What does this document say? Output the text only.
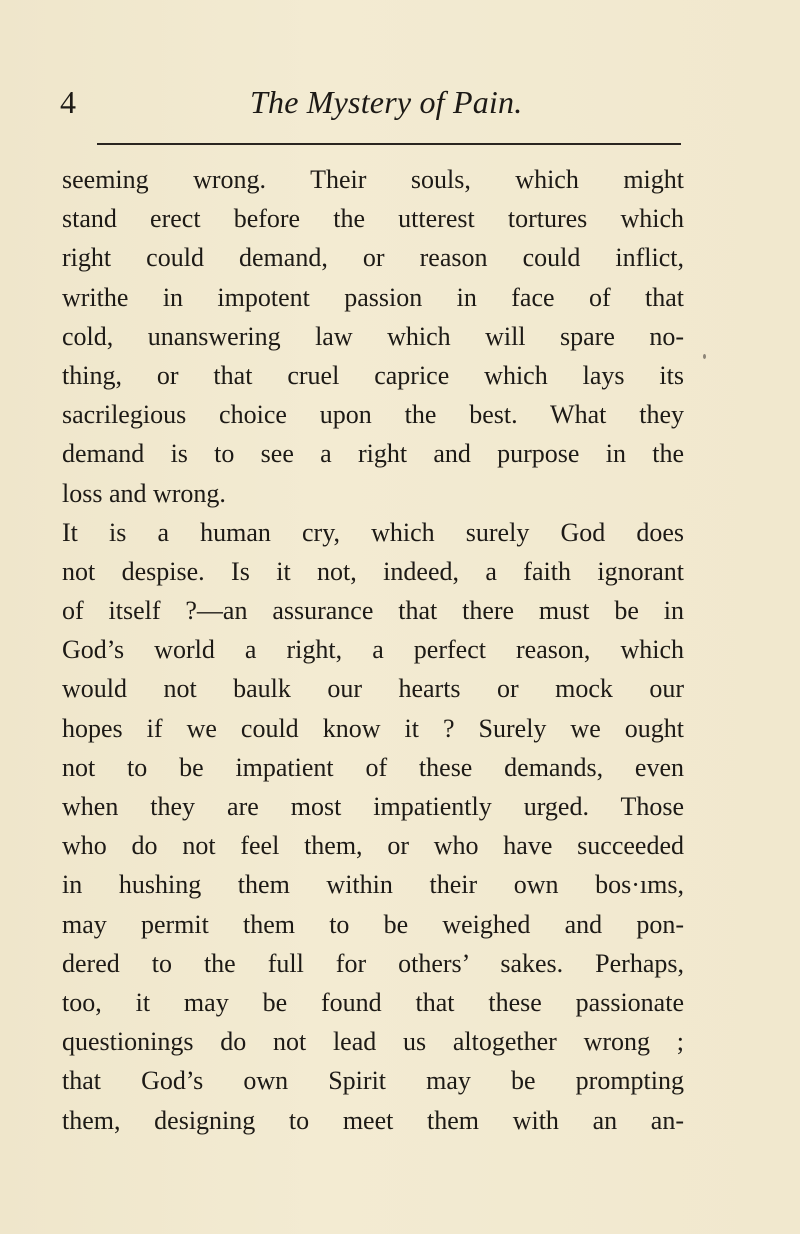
4	The Mystery of Pain.
seeming wrong. Their souls, which might
stand erect before the utterest tortures which
right could demand, or reason could inflict,
writhe in impotent passion in face of that
cold, unanswering law which will spare no-
thing, or that cruel caprice which lays its
sacrilegious choice upon the best. What they
demand is to see a right and purpose in the
loss and wrong.
It is a human cry, which surely God does
not despise. Is it not, indeed, a faith ignorant
of itself ?—an assurance that there must be in
God’s world a right, a perfect reason, which
would not baulk our hearts or mock our
hopes if we could know it ? Surely we ought
not to be impatient of these demands, even
when they are most impatiently urged. Those
who do not feel them, or who have succeeded
in hushing them within their own bos·ıms,
may permit them to be weighed and pon-
dered to the full for others’ sakes. Perhaps,
too, it may be found that these passionate
questionings do not lead us altogether wrong ;
that God’s own Spirit may be prompting
them, designing to meet them with an an-
